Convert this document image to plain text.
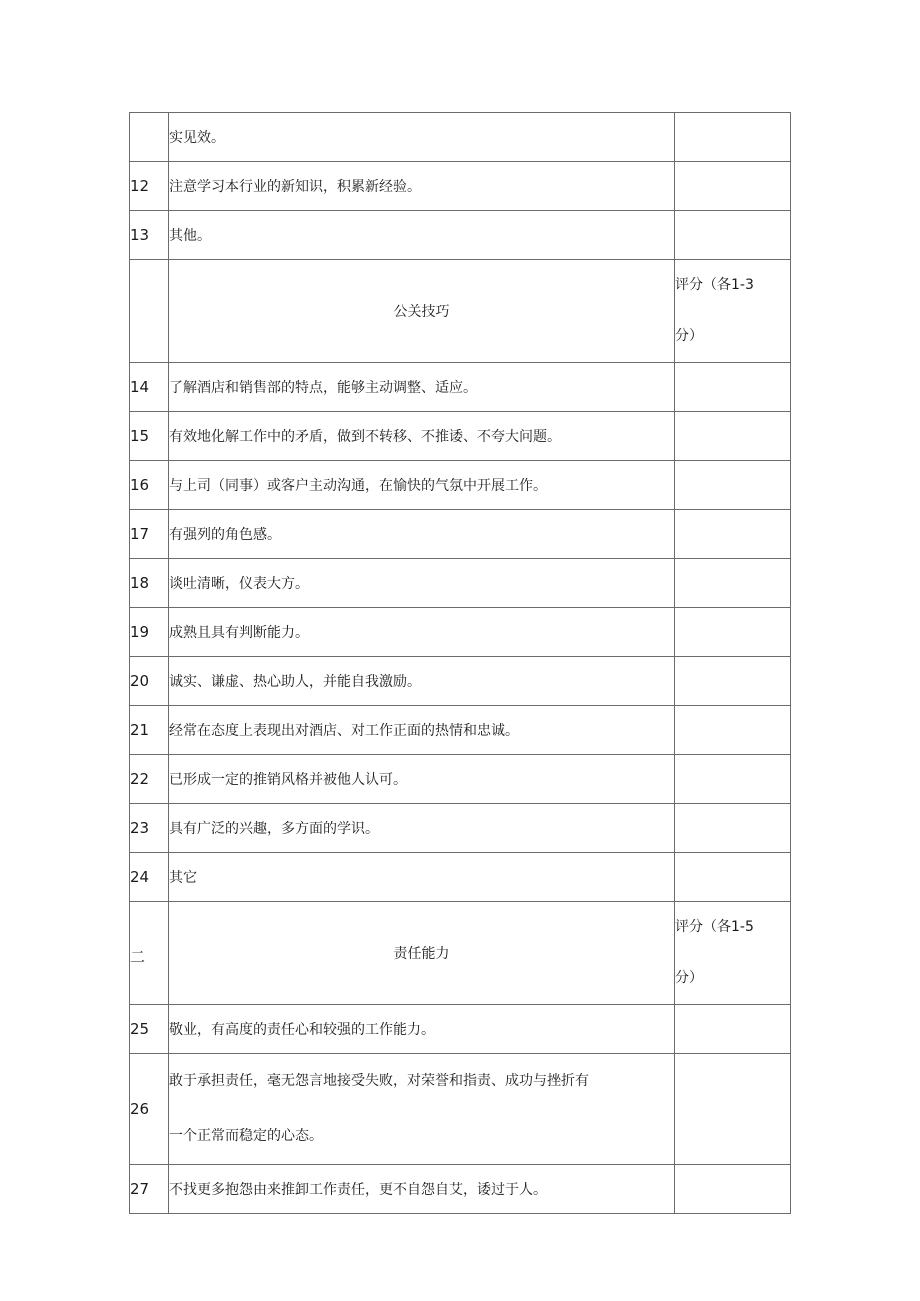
	实见效。	
12	注意学习本行业的新知识，积累新经验。	
13	其他。	
	公关技巧	评分（各1-3
分）

14	了解酒店和销售部的特点，能够主动调整、适应。	
15	有效地化解工作中的矛盾，做到不转移、不推诿、不夸大问题。	
16	与上司（同事）或客户主动沟通，在愉快的气氛中开展工作。	
17	有强列的角色感。	
18	谈吐清晰，仪表大方。	
19	成熟且具有判断能力。	
20	诚实、谦虚、热心助人，并能自我激励。	
21	经常在态度上表现出对酒店、对工作正面的热情和忠诚。	
22	已形成一定的推销风格并被他人认可。	
23	具有广泛的兴趣，多方面的学识。	
24	其它	
二	责任能力	评分（各1-5
分）

25	敬业，有高度的责任心和较强的工作能力。	
26	敢于承担责任，毫无怨言地接受失败，对荣誉和指责、成功与挫折有
一个正常而稳定的心态。	

27	不找更多抱怨由来推卸工作责任，更不自怨自艾，诿过于人。	
